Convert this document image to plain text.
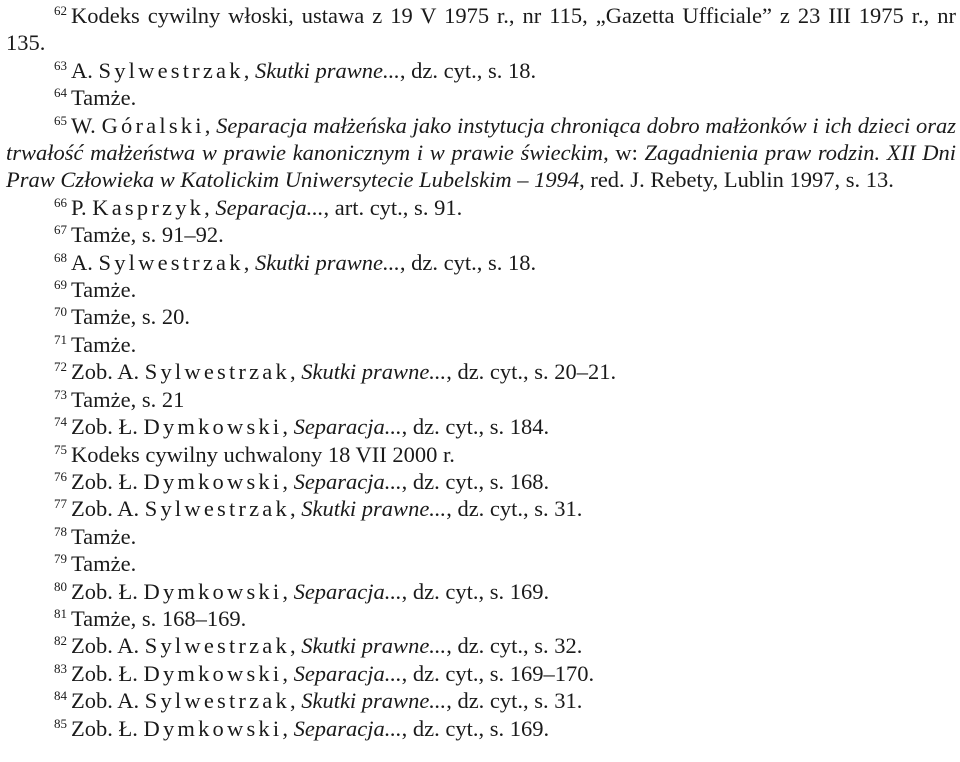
62 Kodeks cywilny włoski, ustawa z 19 V 1975 r., nr 115, „Gazetta Ufficiale” z 23 III 1975 r., nr 135.
63 A. Sylwestrzak, Skutki prawne..., dz. cyt., s. 18.
64 Tamże.
65 W. Góralski, Separacja małżeńska jako instytucja chroniąca dobro małżonków i ich dzieci oraz trwałość małżeństwa w prawie kanonicznym i w prawie świeckim, w: Zagadnienia praw rodzin. XII Dni Praw Człowieka w Katolickim Uniwersytecie Lubelskim – 1994, red. J. Rebety, Lublin 1997, s. 13.
66 P. Kasprzyk, Separacja..., art. cyt., s. 91.
67 Tamże, s. 91–92.
68 A. Sylwestrzak, Skutki prawne..., dz. cyt., s. 18.
69 Tamże.
70 Tamże, s. 20.
71 Tamże.
72 Zob. A. Sylwestrzak, Skutki prawne..., dz. cyt., s. 20–21.
73 Tamże, s. 21
74 Zob. Ł. Dymkowski, Separacja..., dz. cyt., s. 184.
75 Kodeks cywilny uchwalony 18 VII 2000 r.
76 Zob. Ł. Dymkowski, Separacja..., dz. cyt., s. 168.
77 Zob. A. Sylwestrzak, Skutki prawne..., dz. cyt., s. 31.
78 Tamże.
79 Tamże.
80 Zob. Ł. Dymkowski, Separacja..., dz. cyt., s. 169.
81 Tamże, s. 168–169.
82 Zob. A. Sylwestrzak, Skutki prawne..., dz. cyt., s. 32.
83 Zob. Ł. Dymkowski, Separacja..., dz. cyt., s. 169–170.
84 Zob. A. Sylwestrzak, Skutki prawne..., dz. cyt., s. 31.
85 Zob. Ł. Dymkowski, Separacja..., dz. cyt., s. 169.
